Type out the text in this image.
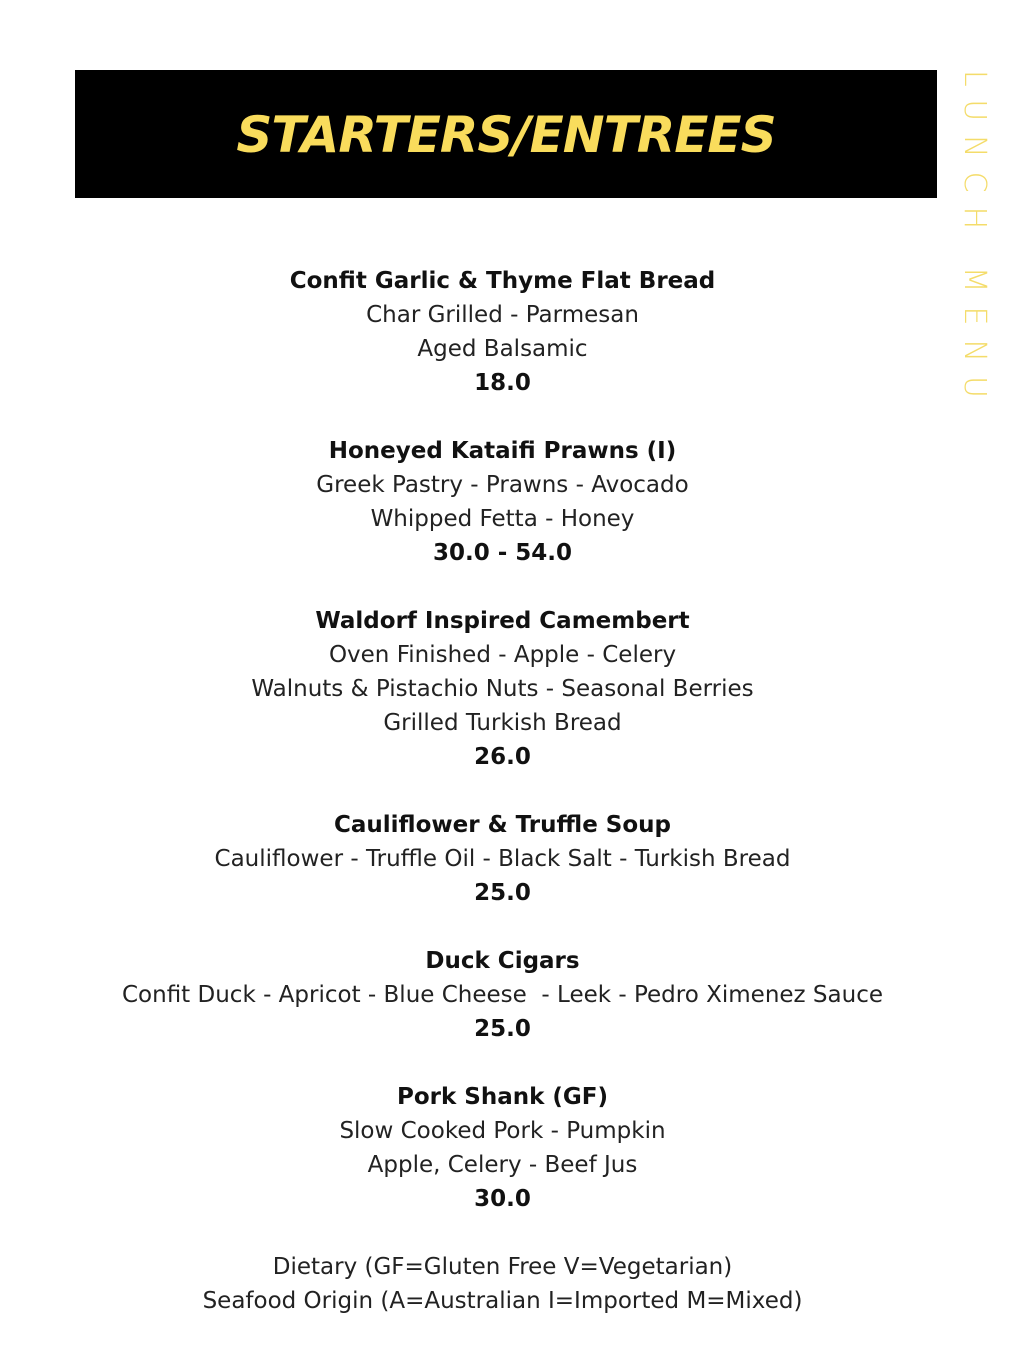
STARTERS/ENTREES	LUNCH MENU
Confit Garlic & Thyme Flat Bread
Char Grilled - Parmesan
Aged Balsamic
18.0
Honeyed Kataifi Prawns (I)
Greek Pastry - Prawns - Avocado
Whipped Fetta - Honey
30.0 - 54.0
Waldorf Inspired Camembert
Oven Finished - Apple - Celery
Walnuts & Pistachio Nuts - Seasonal Berries
Grilled Turkish Bread
26.0
Cauliflower & Truffle Soup
Cauliflower - Truffle Oil - Black Salt - Turkish Bread
25.0
Duck Cigars
Confit Duck - Apricot - Blue Cheese  - Leek - Pedro Ximenez Sauce
25.0
Pork Shank (GF)
Slow Cooked Pork - Pumpkin
Apple, Celery - Beef Jus
30.0
Dietary (GF=Gluten Free V=Vegetarian)
Seafood Origin (A=Australian I=Imported M=Mixed)
